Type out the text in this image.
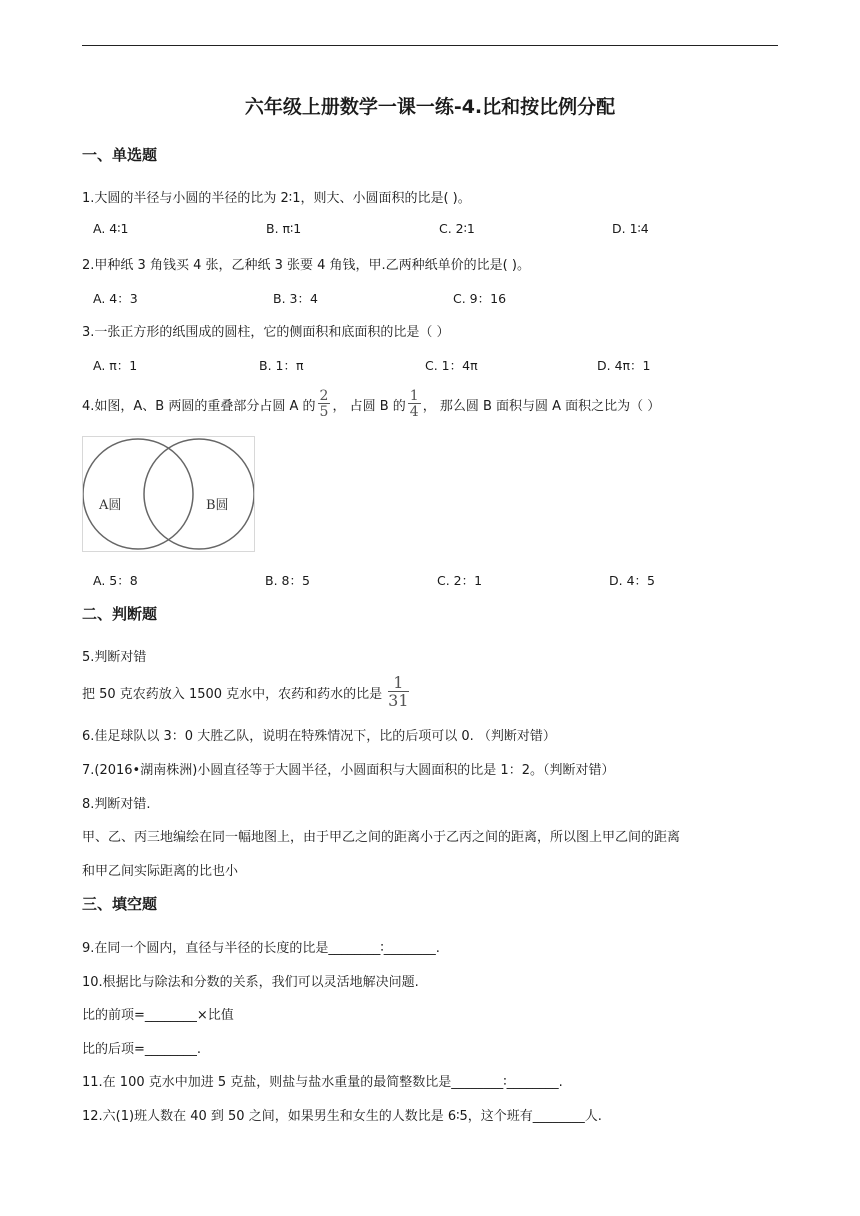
六年级上册数学一课一练-4.比和按比例分配
一、单选题
1.大圆的半径与小圆的半径的比为 2∶1，则大、小圆面积的比是( )。
A. 4∶1	B. π∶1	C. 2∶1	D. 1∶4
2.甲种纸 3 角钱买 4 张，乙种纸 3 张要 4 角钱，甲.乙两种纸单价的比是( )。
A. 4：3	B. 3：4	C. 9：16
3.一张正方形的纸围成的圆柱，它的侧面积和底面积的比是（ ）
A. π：1	B. 1：π	C. 1：4π	D. 4π：1
4.如图，A、B 两圆的重叠部分占圆 A 的 $\frac{2}{5}$ ， 占圆 B 的 $\frac{1}{4}$ ， 那么圆 B 面积与圆 A 面积之比为（ ）
A圆	B圆
A. 5：8	B. 8：5	C. 2：1	D. 4：5
二、判断题
5.判断对错
把 50 克农药放入 1500 克水中，农药和药水的比是 $\frac{1}{31}$
6.佳足球队以 3：0 大胜乙队，说明在特殊情况下，比的后项可以 0. （判断对错）
7.(2016•湖南株洲)小圆直径等于大圆半径，小圆面积与大圆面积的比是 1：2。（判断对错）
8.判断对错.
甲、乙、丙三地编绘在同一幅地图上，由于甲乙之间的距离小于乙丙之间的距离，所以图上甲乙间的距离
和甲乙间实际距离的比也小
三、填空题
9.在同一个圆内，直径与半径的长度的比是________∶________.
10.根据比与除法和分数的关系，我们可以灵活地解决问题.
比的前项=________×比值
比的后项=________.
11.在 100 克水中加进 5 克盐，则盐与盐水重量的最简整数比是________∶________.
12.六(1)班人数在 40 到 50 之间，如果男生和女生的人数比是 6∶5，这个班有________人.
